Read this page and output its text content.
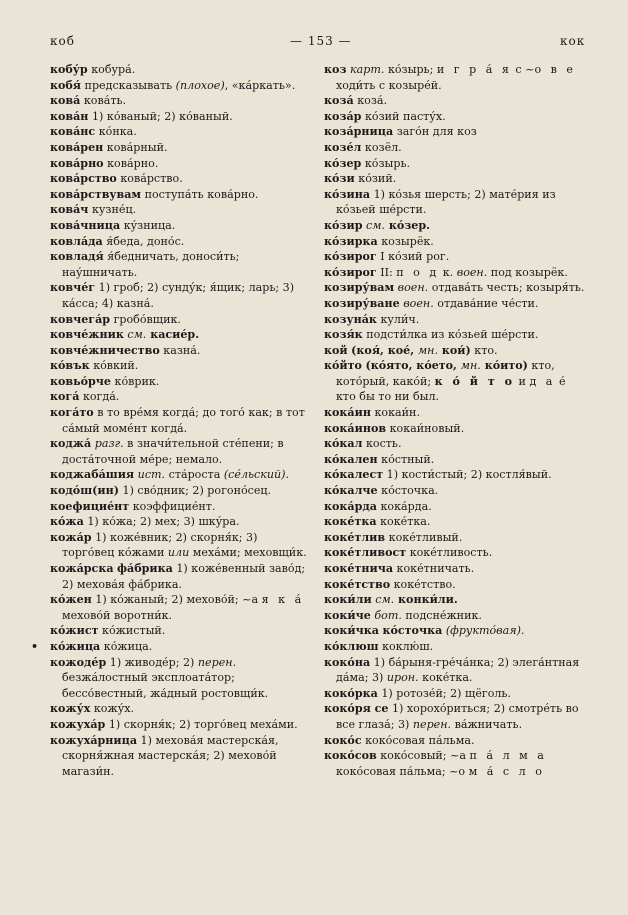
коб	— 153 —	кок

кобу́р кобура́.

кобя́ предсказывать (плохое), «ка́ркать».

кова́ кова́ть.

кова́н 1) ко́ваный; 2) ко́ваный.

кова́нс ко́нка.

кова́рен кова́рный.

кова́рно кова́рно.

кова́рство кова́рство.

кова́рствувам поступа́ть кова́рно.

кова́ч кузне́ц.

кова́чница ку́зница.

ковла́да я́беда, доно́с.

ковладя́ я́бедничать, доноси́ть; нау́шничать.

ковче́г 1) гроб; 2) сунду́к; я́щик; ларь; 3) ка́сса; 4) казна́.

ковчега́р гробо́вщик.

ковче́жник см. касие́р.

ковче́жничество казна́.

ко́вък ко́вкий.

ковьо́рче ко́врик.

кога́ когда́.

кога́то в то вре́мя когда́; до того́ как; в тот са́мый моме́нт когда́.

коджа́ разг. в значи́тельной сте́пени; в доста́точной ме́ре; немало.

коджаба́шия ист. ста́роста (се́льский).

кодо́ш(ин) 1) сво́дник; 2) рогоно́сец.

коефицие́нт коэффицие́нт.

ко́жа 1) ко́жа; 2) мех; 3) шку́ра.

кожа́р 1) коже́вник; 2) скорня́к; 3) торго́вец ко́жами или меха́ми; меховщи́к.

кожа́рска фа́брика 1) коже́венный заво́д; 2) мехова́я фа́брика.

ко́жен 1) ко́жаный; 2) мехово́й; ~а я к а́ мехово́й воротни́к.

ко́жист ко́жистый.

•	ко́жица ко́жица.

кожоде́р 1) живоде́р; 2) перен. безжа́лостный эксплоата́тор; бессо́вестный, жа́дный ростовщи́к.

кожу́х кожу́х.

кожуха́р 1) скорня́к; 2) торго́вец меха́ми.

кожуха́рница 1) мехова́я мастерска́я, скорня́жная мастерска́я; 2) мехово́й магази́н.

коз карт. ко́зырь; и г р а́ я с ~о в е ходи́ть с козыре́й.

коза́ коза́.

коза́р ко́зий пасту́х.

коза́рница заго́н для коз

козе́л козёл.

ко́зер ко́зырь.

ко́зи ко́зий.

ко́зина 1) ко́зья шерсть; 2) мате́рия из ко́зьей ше́рсти.

ко́зир см. ко́зер.

ко́зирка козырёк.

ко́зирог I ко́зий рог.

ко́зирог II: п о д к. воен. под козырёк.

козиру́вам воен. отдава́ть честь; козыря́ть.

козиру́ване воен. отдава́ние че́сти.

козуна́к кули́ч.

козя́к подсти́лка из ко́зьей ше́рсти.

кой (коя́, кое́, мн. кои́) кто.

ко́йто (ко́ято, ко́ето, мн. ко́ито) кто, кото́рый, како́й; к о́ й т о и д а е́ кто бы то ни был.

кока́ин кокаи́н.

кока́инов кокаи́новый.

ко́кал кость.

ко́кален ко́стный.

ко́калест 1) кости́стый; 2) костля́вый.

ко́калче ко́сточка.

кока́рда кока́рда.

коке́тка коке́тка.

коке́тлив коке́тливый.

коке́тливост коке́тливость.

коке́тнича коке́тничать.

коке́тство коке́тство.

коки́ли см. конки́ли.

коки́че бот. подсне́жник.

коки́чка ко́сточка (фрукто́вая).

ко́клюш коклю́ш.

коко́на 1) ба́рыня-гре́ча́нка; 2) элега́нтная да́ма; 3) ирон. коке́тка.

коко́рка 1) ротозе́й; 2) щёголь.

коко́ря се 1) хорохо́риться; 2) смотре́ть во все глаза́; 3) перен. ва́жничать.

коко́с коко́совая па́льма.

коко́сов коко́совый; ~а п а́ л м а коко́совая па́льма; ~о м а́ с л о
